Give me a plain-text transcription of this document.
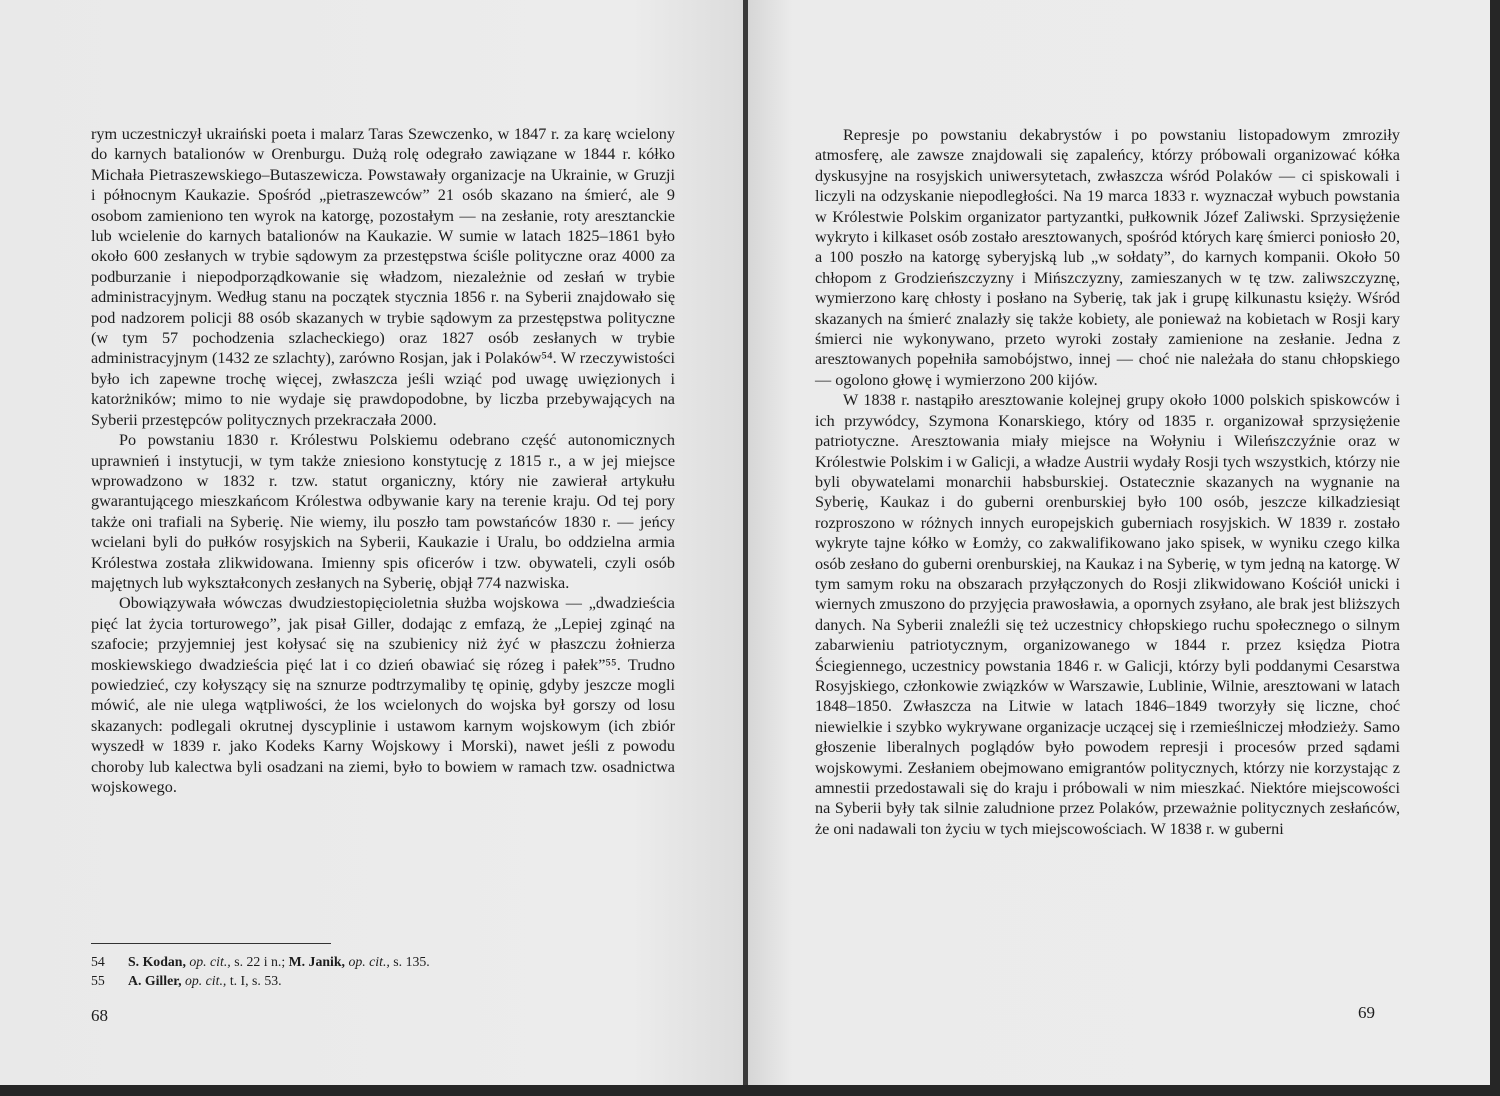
rym uczestniczył ukraiński poeta i malarz Taras Szewczenko, w 1847 r. za karę wcielony do karnych batalionów w Orenburgu. Dużą rolę odegrało zawiązane w 1844 r. kółko Michała Pietraszewskiego–Butaszewicza. Powstawały organizacje na Ukrainie, w Gruzji i północnym Kaukazie. Spośród „pietraszewców” 21 osób skazano na śmierć, ale 9 osobom zamieniono ten wyrok na katorgę, pozostałym — na zesłanie, roty aresztanckie lub wcielenie do karnych batalionów na Kaukazie. W sumie w latach 1825–1861 było około 600 zesłanych w trybie sądowym za przestępstwa ściśle polityczne oraz 4000 za podburzanie i niepodporządkowanie się władzom, niezależnie od zesłań w trybie administracyjnym. Według stanu na początek stycznia 1856 r. na Syberii znajdowało się pod nadzorem policji 88 osób skazanych w trybie sądowym za przestępstwa polityczne (w tym 57 pochodzenia szlacheckiego) oraz 1827 osób zesłanych w trybie administracyjnym (1432 ze szlachty), zarówno Rosjan, jak i Polaków⁵⁴. W rzeczywistości było ich zapewne trochę więcej, zwłaszcza jeśli wziąć pod uwagę uwięzionych i katorżników; mimo to nie wydaje się prawdopodobne, by liczba przebywających na Syberii przestępców politycznych przekraczała 2000.

Po powstaniu 1830 r. Królestwu Polskiemu odebrano część autonomicznych uprawnień i instytucji, w tym także zniesiono konstytucję z 1815 r., a w jej miejsce wprowadzono w 1832 r. tzw. statut organiczny, który nie zawierał artykułu gwarantującego mieszkańcom Królestwa odbywanie kary na terenie kraju. Od tej pory także oni trafiali na Syberię. Nie wiemy, ilu poszło tam powstańców 1830 r. — jeńcy wcielani byli do pułków rosyjskich na Syberii, Kaukazie i Uralu, bo oddzielna armia Królestwa została zlikwidowana. Imienny spis oficerów i tzw. obywateli, czyli osób majętnych lub wykształconych zesłanych na Syberię, objął 774 nazwiska.

Obowiązywała wówczas dwudziestopięcioletnia służba wojskowa — „dwadzieścia pięć lat życia torturowego”, jak pisał Giller, dodając z emfazą, że „Lepiej zginąć na szafocie; przyjemniej jest kołysać się na szubienicy niż żyć w płaszczu żołnierza moskiewskiego dwadzieścia pięć lat i co dzień obawiać się rózeg i pałek”⁵⁵. Trudno powiedzieć, czy kołyszący się na sznurze podtrzymaliby tę opinię, gdyby jeszcze mogli mówić, ale nie ulega wątpliwości, że los wcielonych do wojska był gorszy od losu skazanych: podlegali okrutnej dyscyplinie i ustawom karnym wojskowym (ich zbiór wyszedł w 1839 r. jako Kodeks Karny Wojskowy i Morski), nawet jeśli z powodu choroby lub kalectwa byli osadzani na ziemi, było to bowiem w ramach tzw. osadnictwa wojskowego.

54	S. Kodan, op. cit., s. 22 i n.; M. Janik, op. cit., s. 135.
55	A. Giller, op. cit., t. I, s. 53.
68

Represje po powstaniu dekabrystów i po powstaniu listopadowym zmroziły atmosferę, ale zawsze znajdowali się zapaleńcy, którzy próbowali organizować kółka dyskusyjne na rosyjskich uniwersytetach, zwłaszcza wśród Polaków — ci spiskowali i liczyli na odzyskanie niepodległości. Na 19 marca 1833 r. wyznaczał wybuch powstania w Królestwie Polskim organizator partyzantki, pułkownik Józef Zaliwski. Sprzysiężenie wykryto i kilkaset osób zostało aresztowanych, spośród których karę śmierci poniosło 20, a 100 poszło na katorgę syberyjską lub „w sołdaty”, do karnych kompanii. Około 50 chłopom z Grodzieńszczyzny i Mińszczyzny, zamieszanych w tę tzw. zaliwszczyznę, wymierzono karę chłosty i posłano na Syberię, tak jak i grupę kilkunastu księży. Wśród skazanych na śmierć znalazły się także kobiety, ale ponieważ na kobietach w Rosji kary śmierci nie wykonywano, przeto wyroki zostały zamienione na zesłanie. Jedna z aresztowanych popełniła samobójstwo, innej — choć nie należała do stanu chłopskiego — ogolono głowę i wymierzono 200 kijów.

W 1838 r. nastąpiło aresztowanie kolejnej grupy około 1000 polskich spiskowców i ich przywódcy, Szymona Konarskiego, który od 1835 r. organizował sprzysiężenie patriotyczne. Aresztowania miały miejsce na Wołyniu i Wileńszczyźnie oraz w Królestwie Polskim i w Galicji, a władze Austrii wydały Rosji tych wszystkich, którzy nie byli obywatelami monarchii habsburskiej. Ostatecznie skazanych na wygnanie na Syberię, Kaukaz i do guberni orenburskiej było 100 osób, jeszcze kilkadziesiąt rozproszono w różnych innych europejskich guberniach rosyjskich. W 1839 r. zostało wykryte tajne kółko w Łomży, co zakwalifikowano jako spisek, w wyniku czego kilka osób zesłano do guberni orenburskiej, na Kaukaz i na Syberię, w tym jedną na katorgę. W tym samym roku na obszarach przyłączonych do Rosji zlikwidowano Kościół unicki i wiernych zmuszono do przyjęcia prawosławia, a opornych zsyłano, ale brak jest bliższych danych. Na Syberii znaleźli się też uczestnicy chłopskiego ruchu społecznego o silnym zabarwieniu patriotycznym, organizowanego w 1844 r. przez księdza Piotra Ściegiennego, uczestnicy powstania 1846 r. w Galicji, którzy byli poddanymi Cesarstwa Rosyjskiego, członkowie związków w Warszawie, Lublinie, Wilnie, aresztowani w latach 1848–1850. Zwłaszcza na Litwie w latach 1846–1849 tworzyły się liczne, choć niewielkie i szybko wykrywane organizacje uczącej się i rzemieślniczej młodzieży. Samo głoszenie liberalnych poglądów było powodem represji i procesów przed sądami wojskowymi. Zesłaniem obejmowano emigrantów politycznych, którzy nie korzystając z amnestii przedostawali się do kraju i próbowali w nim mieszkać. Niektóre miejscowości na Syberii były tak silnie zaludnione przez Polaków, przeważnie politycznych zesłańców, że oni nadawali ton życiu w tych miejscowościach. W 1838 r. w guberni

69
